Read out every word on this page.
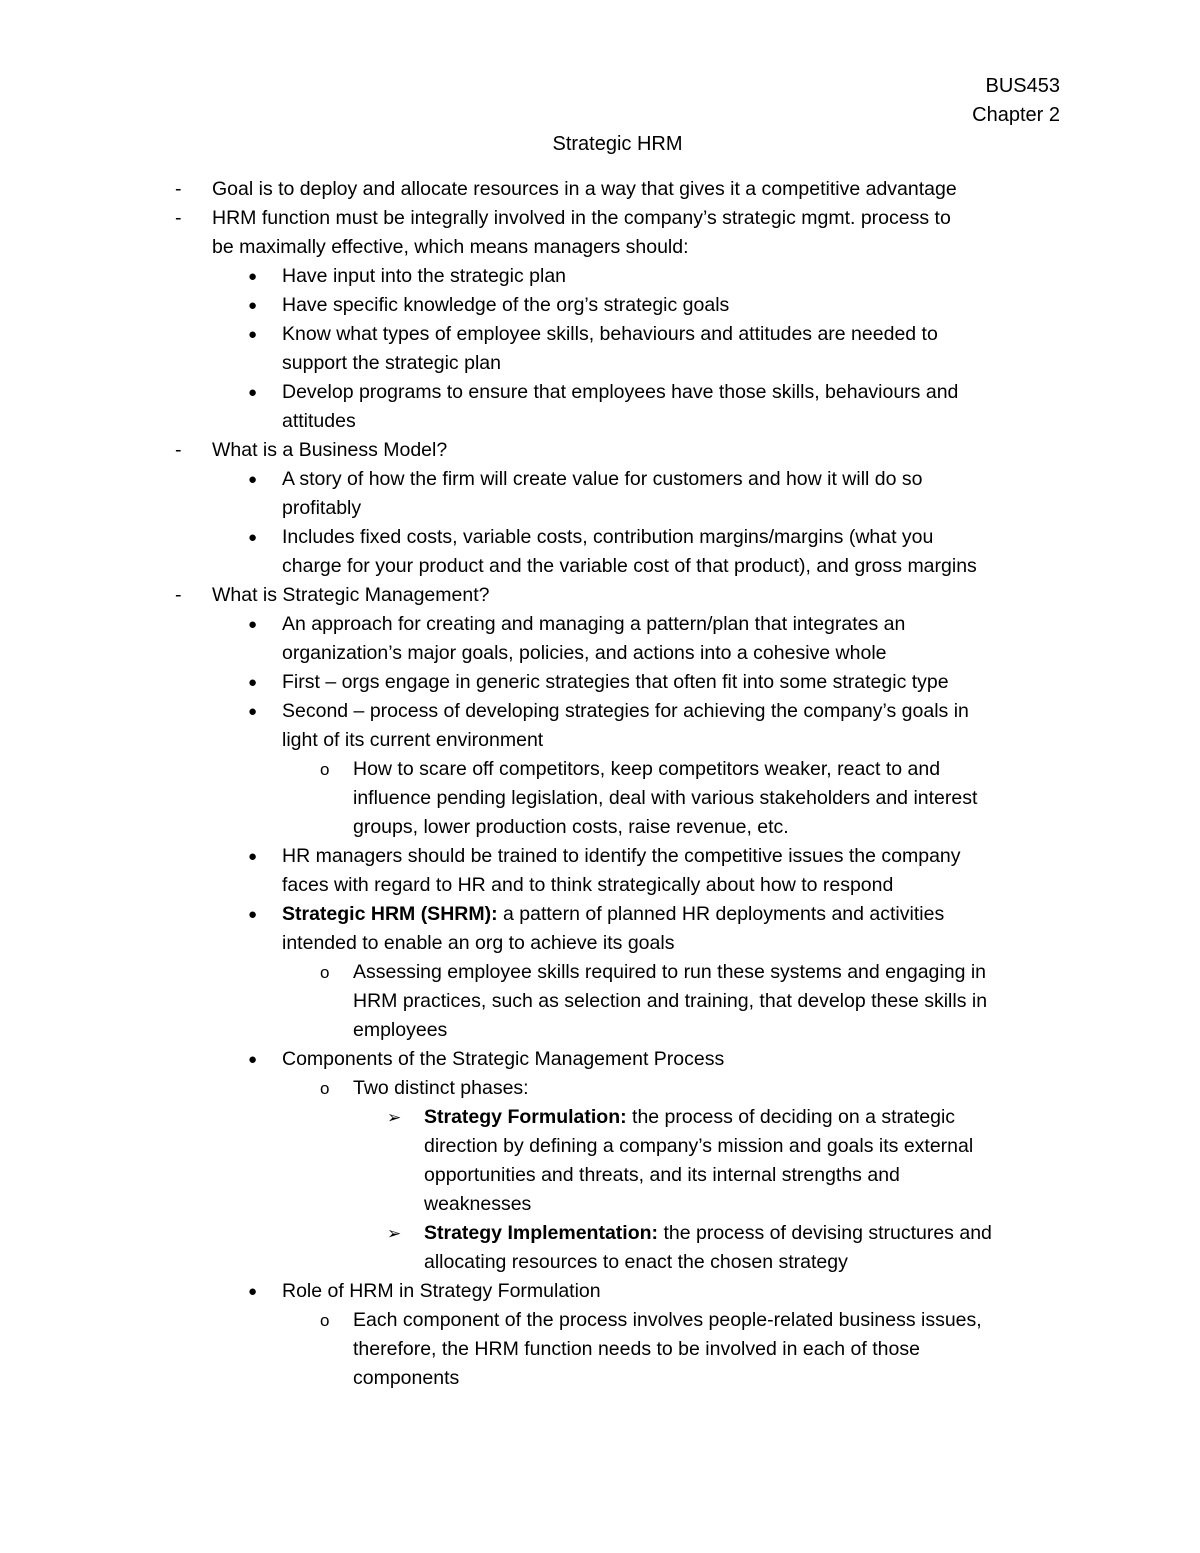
BUS453
Chapter 2
Strategic HRM
- Goal is to deploy and allocate resources in a way that gives it a competitive advantage
- HRM function must be integrally involved in the company’s strategic mgmt. process to
be maximally effective, which means managers should:
● Have input into the strategic plan
● Have specific knowledge of the org’s strategic goals
● Know what types of employee skills, behaviours and attitudes are needed to
support the strategic plan
● Develop programs to ensure that employees have those skills, behaviours and
attitudes
- What is a Business Model?
● A story of how the firm will create value for customers and how it will do so
profitably
● Includes fixed costs, variable costs, contribution margins/margins (what you
charge for your product and the variable cost of that product), and gross margins
- What is Strategic Management?
● An approach for creating and managing a pattern/plan that integrates an
organization’s major goals, policies, and actions into a cohesive whole
● First – orgs engage in generic strategies that often fit into some strategic type
● Second – process of developing strategies for achieving the company’s goals in
light of its current environment
o How to scare off competitors, keep competitors weaker, react to and
influence pending legislation, deal with various stakeholders and interest
groups, lower production costs, raise revenue, etc.
● HR managers should be trained to identify the competitive issues the company
faces with regard to HR and to think strategically about how to respond
● Strategic HRM (SHRM): a pattern of planned HR deployments and activities
intended to enable an org to achieve its goals
o Assessing employee skills required to run these systems and engaging in
HRM practices, such as selection and training, that develop these skills in
employees
● Components of the Strategic Management Process
o Two distinct phases:
➢ Strategy Formulation: the process of deciding on a strategic
direction by defining a company’s mission and goals its external
opportunities and threats, and its internal strengths and
weaknesses
➢ Strategy Implementation: the process of devising structures and
allocating resources to enact the chosen strategy
● Role of HRM in Strategy Formulation
o Each component of the process involves people-related business issues,
therefore, the HRM function needs to be involved in each of those
components
